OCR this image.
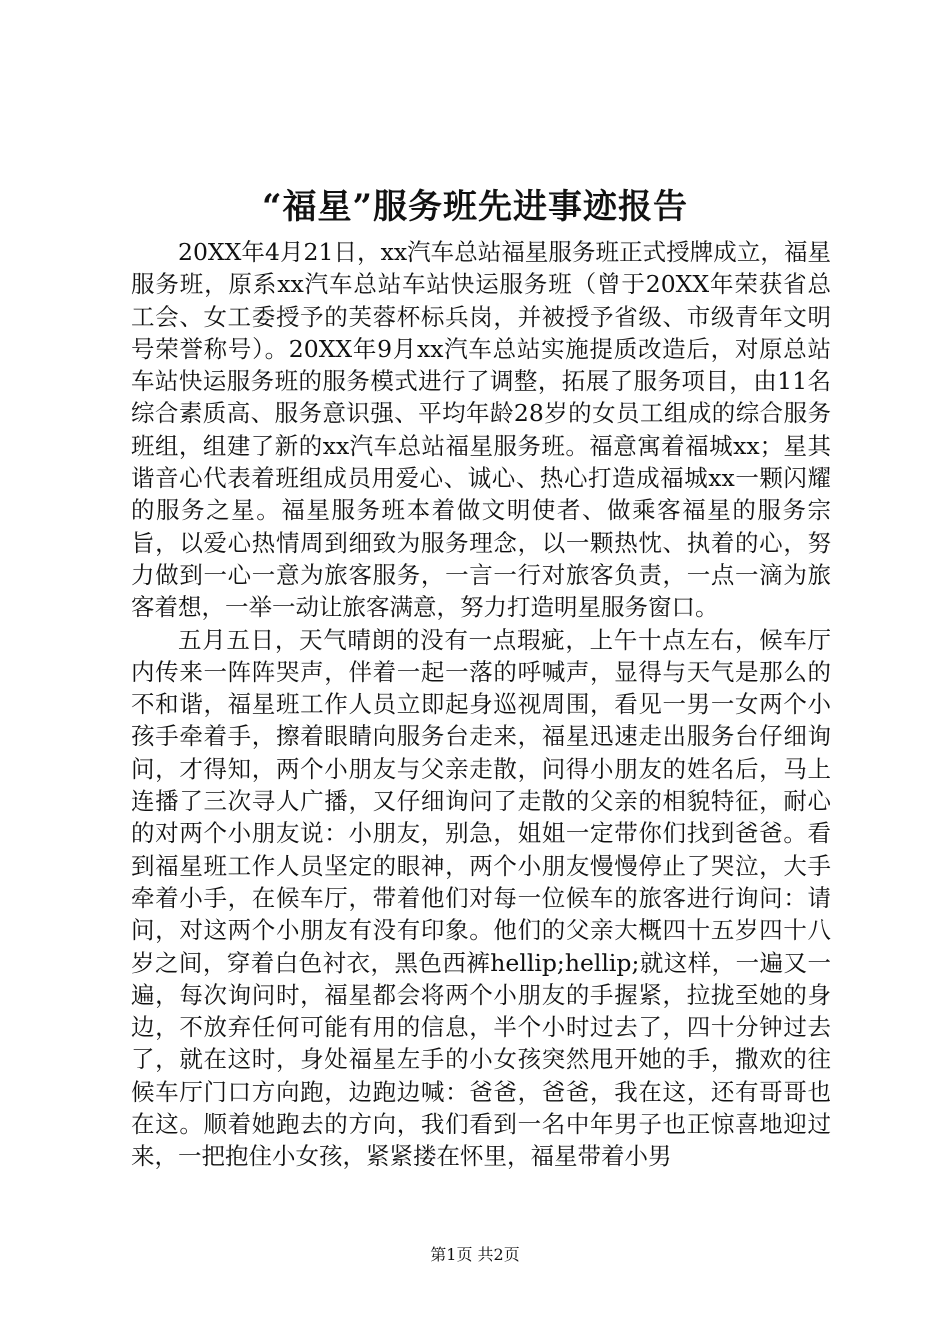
“福星”服务班先进事迹报告

20XX年4月21日，xx汽车总站福星服务班正式授牌成立，福星服务班，原系xx汽车总站车站快运服务班（曾于20XX年荣获省总工会、女工委授予的芙蓉杯标兵岗，并被授予省级、市级青年文明号荣誉称号）。20XX年9月xx汽车总站实施提质改造后，对原总站车站快运服务班的服务模式进行了调整，拓展了服务项目，由11名综合素质高、服务意识强、平均年龄28岁的女员工组成的综合服务班组，组建了新的xx汽车总站福星服务班。福意寓着福城xx；星其谐音心代表着班组成员用爱心、诚心、热心打造成福城xx一颗闪耀的服务之星。福星服务班本着做文明使者、做乘客福星的服务宗旨，以爱心热情周到细致为服务理念，以一颗热忱、执着的心，努力做到一心一意为旅客服务，一言一行对旅客负责，一点一滴为旅客着想，一举一动让旅客满意，努力打造明星服务窗口。

五月五日，天气晴朗的没有一点瑕疵，上午十点左右，候车厅内传来一阵阵哭声，伴着一起一落的呼喊声，显得与天气是那么的不和谐，福星班工作人员立即起身巡视周围，看见一男一女两个小孩手牵着手，擦着眼睛向服务台走来，福星迅速走出服务台仔细询问，才得知，两个小朋友与父亲走散，问得小朋友的姓名后，马上连播了三次寻人广播，又仔细询问了走散的父亲的相貌特征，耐心的对两个小朋友说：小朋友，别急，姐姐一定带你们找到爸爸。看到福星班工作人员坚定的眼神，两个小朋友慢慢停止了哭泣，大手牵着小手，在候车厅，带着他们对每一位候车的旅客进行询问：请问，对这两个小朋友有没有印象。他们的父亲大概四十五岁四十八岁之间，穿着白色衬衣，黑色西裤hellip;hellip;就这样，一遍又一遍，每次询问时，福星都会将两个小朋友的手握紧，拉拢至她的身边，不放弃任何可能有用的信息，半个小时过去了，四十分钟过去了，就在这时，身处福星左手的小女孩突然甩开她的手，撒欢的往候车厅门口方向跑，边跑边喊：爸爸，爸爸，我在这，还有哥哥也在这。顺着她跑去的方向，我们看到一名中年男子也正惊喜地迎过来，一把抱住小女孩，紧紧搂在怀里，福星带着小男

第1页 共2页
